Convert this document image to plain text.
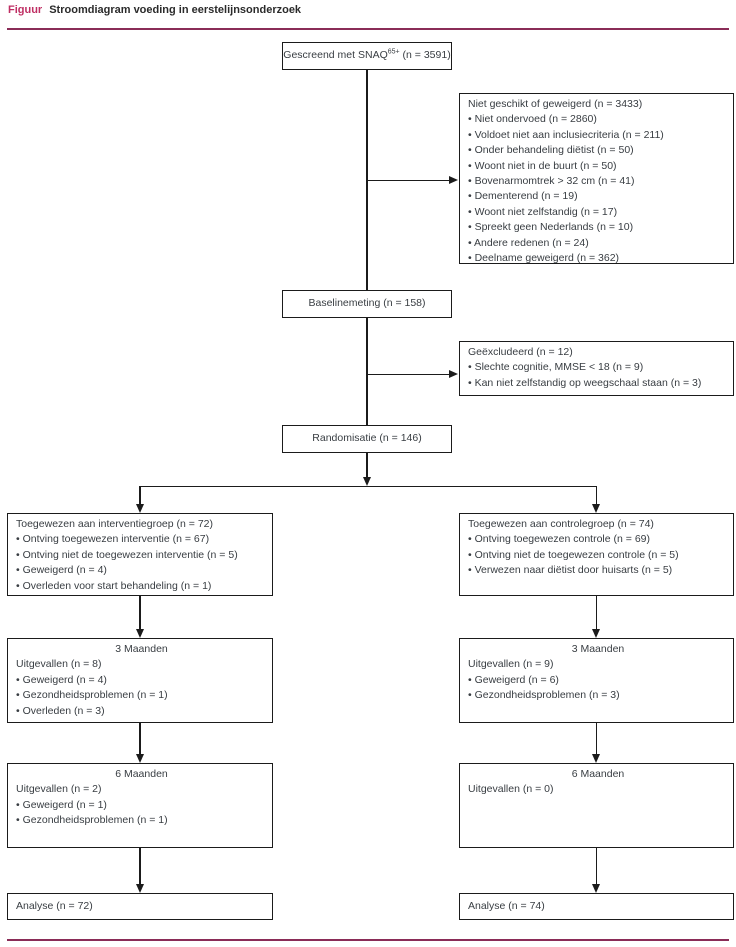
Figuur Stroomdiagram voeding in eerstelijnsonderzoek
Gescreend met $SNAQ^{65+}$ (n = 3591)
Niet geschikt of geweigerd (n = 3433)
• Niet ondervoed (n = 2860)
• Voldoet niet aan inclusiecriteria (n = 211)
• Onder behandeling diëtist (n = 50)
• Woont niet in de buurt (n = 50)
• Bovenarmomtrek > 32 cm (n = 41)
• Dementerend (n = 19)
• Woont niet zelfstandig (n = 17)
• Spreekt geen Nederlands (n = 10)
• Andere redenen (n = 24)
• Deelname geweigerd (n = 362)
Baselinemeting (n = 158)
Geëxcludeerd (n = 12)
• Slechte cognitie, MMSE < 18 (n = 9)
• Kan niet zelfstandig op weegschaal staan (n = 3)
Randomisatie (n = 146)
Toegewezen aan interventiegroep (n = 72)
• Ontving toegewezen interventie (n = 67)
• Ontving niet de toegewezen interventie (n = 5)
• Geweigerd (n = 4)
• Overleden voor start behandeling (n = 1)
Toegewezen aan controlegroep (n = 74)
• Ontving toegewezen controle (n = 69)
• Ontving niet de toegewezen controle (n = 5)
• Verwezen naar diëtist door huisarts (n = 5)
3 Maanden
Uitgevallen (n = 8)
• Geweigerd (n = 4)
• Gezondheidsproblemen (n = 1)
• Overleden (n = 3)
3 Maanden
Uitgevallen (n = 9)
• Geweigerd (n = 6)
• Gezondheidsproblemen (n = 3)
6 Maanden
Uitgevallen (n = 2)
• Geweigerd (n = 1)
• Gezondheidsproblemen (n = 1)
6 Maanden
Uitgevallen (n = 0)
Analyse (n = 72)	Analyse (n = 74)
